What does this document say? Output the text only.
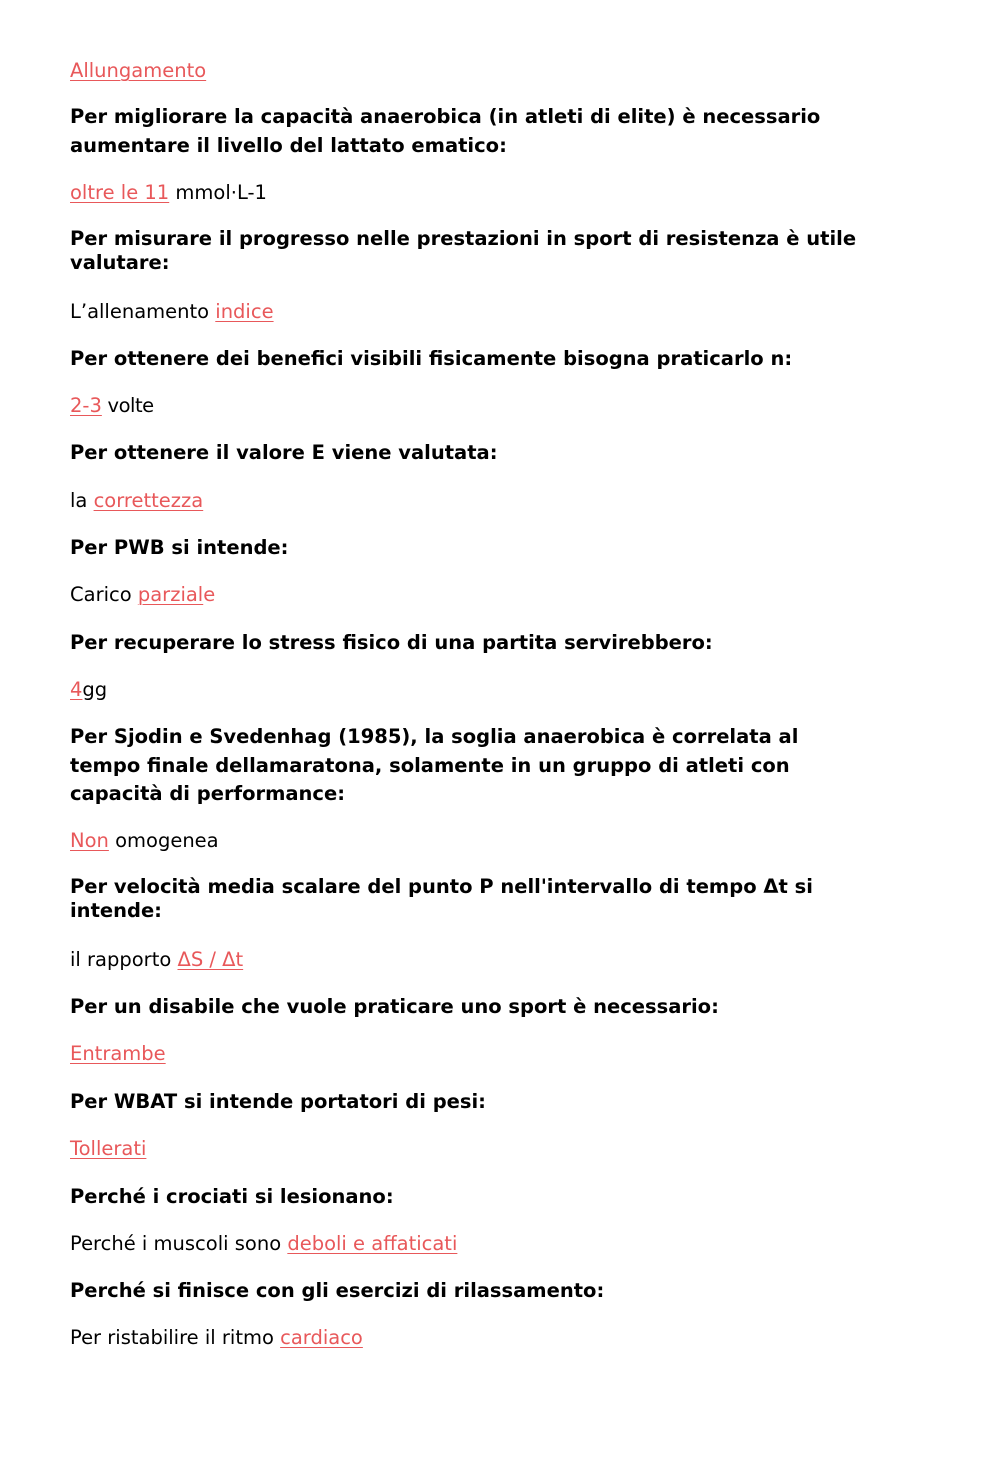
Allungamento

Per migliorare la capacità anaerobica (in atleti di elite) è necessario aumentare il livello del lattato ematico:

oltre le 11 mmol·L-1

Per misurare il progresso nelle prestazioni in sport di resistenza è utile valutare:

L’allenamento indice

Per ottenere dei benefici visibili fisicamente bisogna praticarlo n:

2-3 volte

Per ottenere il valore E viene valutata:

la correttezza

Per PWB si intende:

Carico parziale

Per recuperare lo stress fisico di una partita servirebbero:

4gg

Per Sjodin e Svedenhag (1985), la soglia anaerobica è correlata al tempo finale dellamaratona, solamente in un gruppo di atleti con capacità di performance:

Non omogenea

Per velocità media scalare del punto P nell'intervallo di tempo Δt si intende:

il rapporto ΔS / Δt

Per un disabile che vuole praticare uno sport è necessario:

Entrambe

Per WBAT si intende portatori di pesi:

Tollerati

Perché i crociati si lesionano:

Perché i muscoli sono deboli e affaticati

Perché si finisce con gli esercizi di rilassamento:

Per ristabilire il ritmo cardiaco
